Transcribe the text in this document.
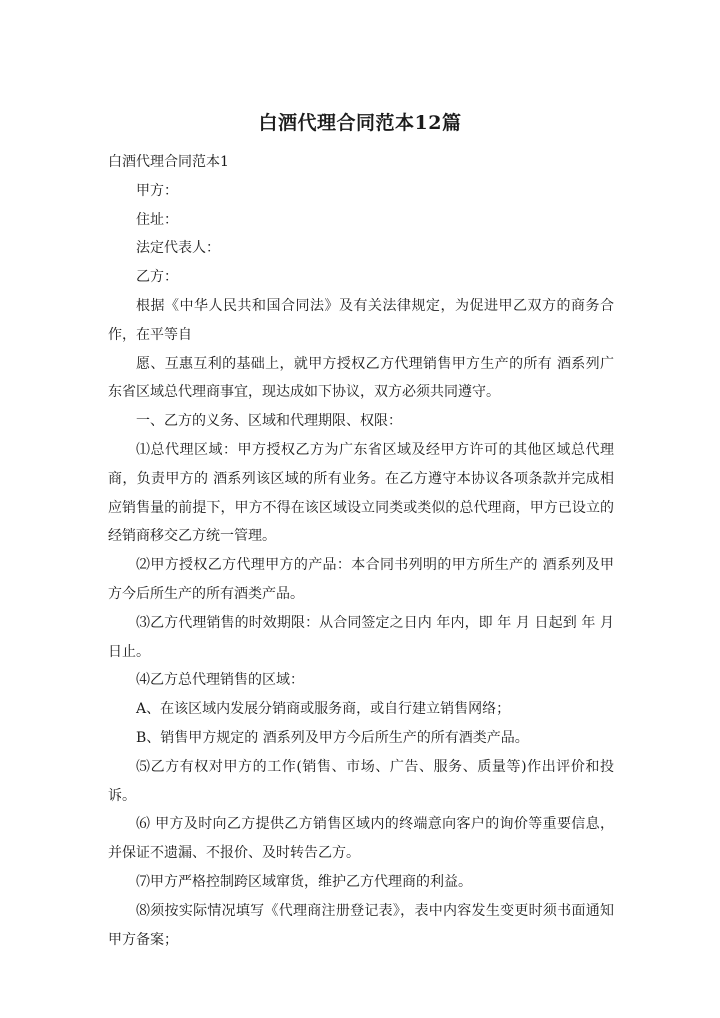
白酒代理合同范本12篇

白酒代理合同范本1

甲方：

住址：

法定代表人：

乙方：

根据《中华人民共和国合同法》及有关法律规定，为促进甲乙双方的商务合作，在平等自

愿、互惠互利的基础上，就甲方授权乙方代理销售甲方生产的所有 酒系列广东省区域总代理商事宜，现达成如下协议，双方必须共同遵守。

一、乙方的义务、区域和代理期限、权限：

⑴总代理区域：甲方授权乙方为广东省区域及经甲方许可的其他区域总代理商，负责甲方的 酒系列该区域的所有业务。在乙方遵守本协议各项条款并完成相应销售量的前提下，甲方不得在该区域设立同类或类似的总代理商，甲方已设立的经销商移交乙方统一管理。

⑵甲方授权乙方代理甲方的产品：本合同书列明的甲方所生产的 酒系列及甲方今后所生产的所有酒类产品。

⑶乙方代理销售的时效期限：从合同签定之日内 年内，即 年 月 日起到 年 月 日止。

⑷乙方总代理销售的区域：

A、在该区域内发展分销商或服务商，或自行建立销售网络；

B、销售甲方规定的 酒系列及甲方今后所生产的所有酒类产品。

⑸乙方有权对甲方的工作(销售、市场、广告、服务、质量等)作出评价和投诉。

⑹ 甲方及时向乙方提供乙方销售区域内的终端意向客户的询价等重要信息，并保证不遗漏、不报价、及时转告乙方。

⑺甲方严格控制跨区域窜货，维护乙方代理商的利益。

⑻须按实际情况填写《代理商注册登记表》，表中内容发生变更时须书面通知甲方备案；
